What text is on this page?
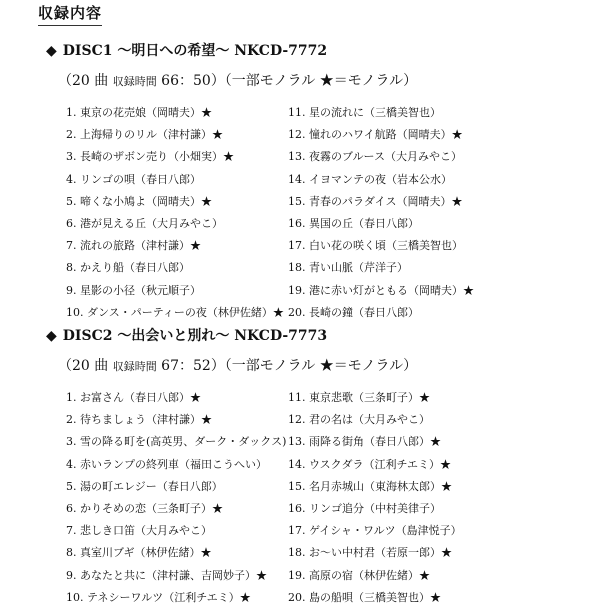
収録内容
◆ DISC1 ～明日への希望～ NKCD-7772
（20 曲 収録時間 66：50）（一部モノラル ★＝モノラル）
1. 東京の花売娘（岡晴夫）★
2. 上海帰りのリル（津村謙）★
3. 長崎のザボン売り（小畑実）★
4. リンゴの唄（春日八郎）
5. 啼くな小鳩よ（岡晴夫）★
6. 港が見える丘（大月みやこ）
7. 流れの旅路（津村謙）★
8. かえり船（春日八郎）
9. 星影の小径（秋元順子）
10. ダンス・パーティーの夜（林伊佐緒）★
11. 星の流れに（三橋美智也）
12. 憧れのハワイ航路（岡晴夫）★
13. 夜霧のブルース（大月みやこ）
14. イヨマンテの夜（岩本公水）
15. 青春のパラダイス（岡晴夫）★
16. 異国の丘（春日八郎）
17. 白い花の咲く頃（三橋美智也）
18. 青い山脈（芹洋子）
19. 港に赤い灯がともる（岡晴夫）★
20. 長崎の鐘（春日八郎）
◆ DISC2 ～出会いと別れ～ NKCD-7773
（20 曲 収録時間 67：52）（一部モノラル ★＝モノラル）
1. お富さん（春日八郎）★
2. 待ちましょう（津村謙）★
3. 雪の降る町を(高英男、ダーク・ダックス)
4. 赤いランプの終列車（福田こうへい）
5. 湯の町エレジー（春日八郎）
6. かりそめの恋（三条町子）★
7. 悲しき口笛（大月みやこ）
8. 真室川ブギ（林伊佐緒）★
9. あなたと共に（津村謙、吉岡妙子）★
10. テネシーワルツ（江利チエミ）★
11. 東京悲歌（三条町子）★
12. 君の名は（大月みやこ）
13. 雨降る街角（春日八郎）★
14. ウスクダラ（江利チエミ）★
15. 名月赤城山（東海林太郎）★
16. リンゴ追分（中村美律子）
17. ゲイシャ・ワルツ（島津悦子）
18. お～い中村君（若原一郎）★
19. 高原の宿（林伊佐緒）★
20. 島の船唄（三橋美智也）★
